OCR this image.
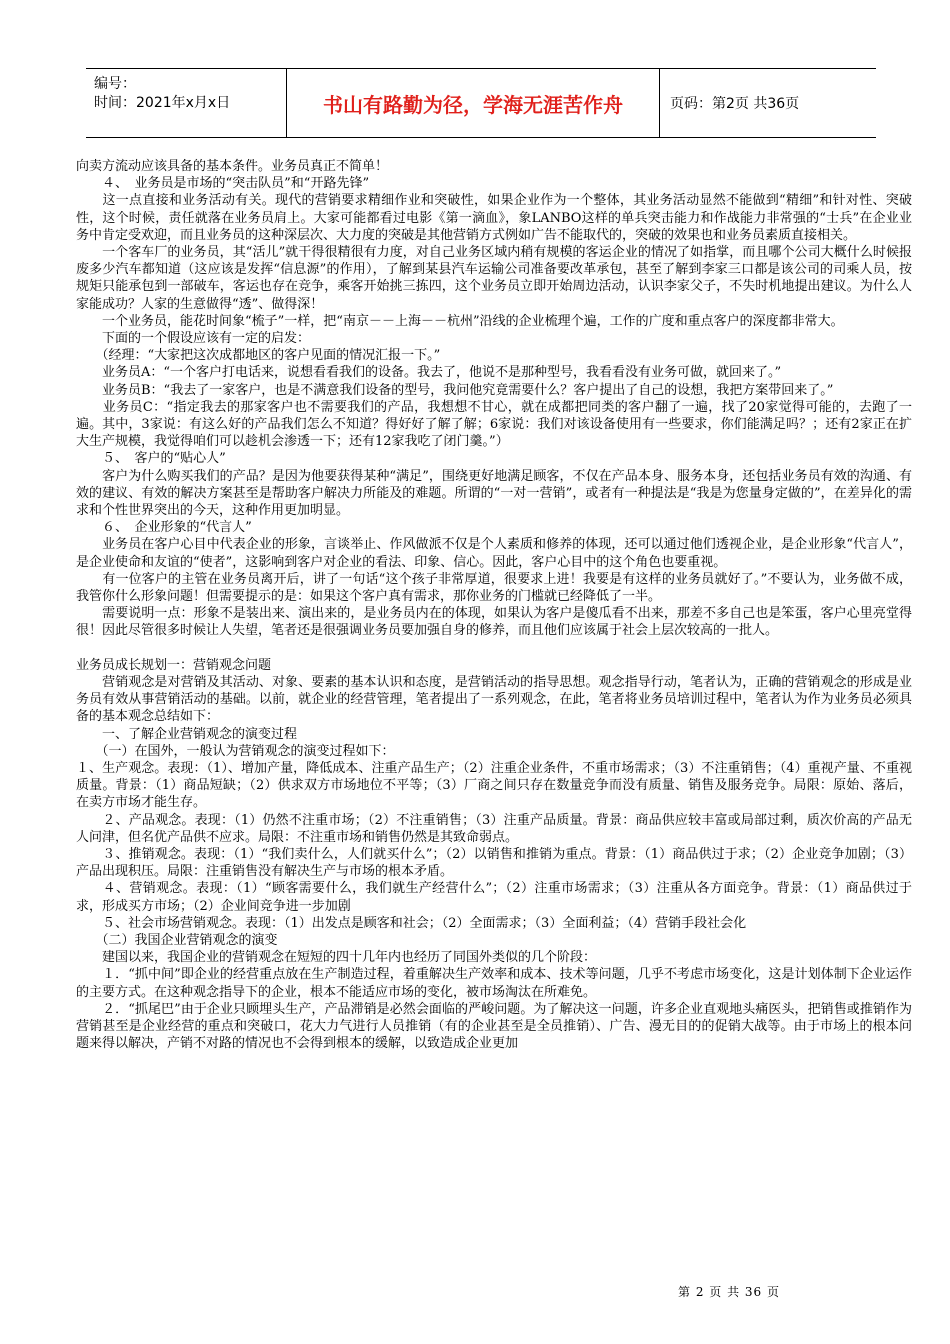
编号：
时间：2021年x月x日	书山有路勤为径，学海无涯苦作舟	页码：第2页 共36页

向卖方流动应该具备的基本条件。业务员真正不简单！

　　４、　业务员是市场的“突击队员”和“开路先锋”

　　这一点直接和业务活动有关。现代的营销要求精细作业和突破性，如果企业作为一个整体，其业务活动显然不能做到“精细”和针对性、突破性，这个时候，责任就落在业务员肩上。大家可能都看过电影《第一滴血》，象LANBO这样的单兵突击能力和作战能力非常强的“士兵”在企业业务中肯定受欢迎，而且业务员的这种深层次、大力度的突破是其他营销方式例如广告不能取代的，突破的效果也和业务员素质直接相关。

　　一个客车厂的业务员，其“活儿”就干得很精很有力度，对自己业务区域内稍有规模的客运企业的情况了如指掌，而且哪个公司大概什么时候报废多少汽车都知道（这应该是发挥“信息源”的作用），了解到某县汽车运输公司准备要改革承包，甚至了解到李家三口都是该公司的司乘人员，按规矩只能承包到一部破车，客运也存在竞争，乘客开始挑三拣四，这个业务员立即开始周边活动，认识李家父子，不失时机地提出建议。为什么人家能成功？人家的生意做得“透”、做得深！

　　一个业务员，能花时间象“梳子”一样，把“南京－－上海－－杭州”沿线的企业梳理个遍，工作的广度和重点客户的深度都非常大。

　　下面的一个假设应该有一定的启发：

　　（经理：“大家把这次成都地区的客户见面的情况汇报一下。”

　　业务员A：“一个客户打电话来，说想看看我们的设备。我去了，他说不是那种型号，我看看没有业务可做，就回来了。”

　　业务员B：“我去了一家客户，也是不满意我们设备的型号，我问他究竟需要什么？客户提出了自己的设想，我把方案带回来了。”

　　业务员C：“指定我去的那家客户也不需要我们的产品，我想想不甘心，就在成都把同类的客户翻了一遍，找了20家觉得可能的，去跑了一遍。其中，3家说：有这么好的产品我们怎么不知道？得好好了解了解；6家说：我们对该设备使用有一些要求，你们能满足吗？；还有2家正在扩大生产规模，我觉得咱们可以趁机会渗透一下；还有12家我吃了闭门羹。”）

　　５、　客户的“贴心人”

　　客户为什么购买我们的产品？是因为他要获得某种“满足”，围绕更好地满足顾客，不仅在产品本身、服务本身，还包括业务员有效的沟通、有效的建议、有效的解决方案甚至是帮助客户解决力所能及的难题。所谓的“一对一营销”，或者有一种提法是“我是为您量身定做的”，在差异化的需求和个性世界突出的今天，这种作用更加明显。

　　６、　企业形象的“代言人”

　　业务员在客户心目中代表企业的形象，言谈举止、作风做派不仅是个人素质和修养的体现，还可以通过他们透视企业，是企业形象“代言人”，是企业使命和友谊的“使者”，这影响到客户对企业的看法、印象、信心。因此，客户心目中的这个角色也要重视。

　　有一位客户的主管在业务员离开后，讲了一句话“这个孩子非常厚道，很要求上进！我要是有这样的业务员就好了。”不要认为，业务做不成，我管你什么形象问题！但需要提示的是：如果这个客户真有需求，那你业务的门槛就已经降低了一半。

　　需要说明一点：形象不是装出来、演出来的，是业务员内在的体现，如果认为客户是傻瓜看不出来，那差不多自己也是笨蛋，客户心里亮堂得很！因此尽管很多时候让人失望，笔者还是很强调业务员要加强自身的修养，而且他们应该属于社会上层次较高的一批人。

业务员成长规划一：营销观念问题

　　营销观念是对营销及其活动、对象、要素的基本认识和态度，是营销活动的指导思想。观念指导行动，笔者认为，正确的营销观念的形成是业务员有效从事营销活动的基础。以前，就企业的经营管理，笔者提出了一系列观念，在此，笔者将业务员培训过程中，笔者认为作为业务员必须具备的基本观念总结如下：

　　一、了解企业营销观念的演变过程

　　（一）在国外，一般认为营销观念的演变过程如下：

１、生产观念。表现：（1）、增加产量，降低成本、注重产品生产；（2）注重企业条件，不重市场需求；（3）不注重销售；（4）重视产量、不重视质量。背景：（1）商品短缺；（2）供求双方市场地位不平等；（3）厂商之间只存在数量竞争而没有质量、销售及服务竞争。局限：原始、落后，在卖方市场才能生存。

　　２、产品观念。表现：（1）仍然不注重市场；（2）不注重销售；（3）注重产品质量。背景：商品供应较丰富或局部过剩，质次价高的产品无人问津，但名优产品供不应求。局限：不注重市场和销售仍然是其致命弱点。

　　３、推销观念。表现：（1）“我们卖什么，人们就买什么”；（2）以销售和推销为重点。背景：（1）商品供过于求；（2）企业竞争加剧；（3）产品出现积压。局限：注重销售没有解决生产与市场的根本矛盾。

　　４、营销观念。表现：（1）“顾客需要什么，我们就生产经营什么”；（2）注重市场需求；（3）注重从各方面竞争。背景：（1）商品供过于求，形成买方市场；（2）企业间竞争进一步加剧

　　５、社会市场营销观念。表现：（1）出发点是顾客和社会；（2）全面需求；（3）全面利益；（4）营销手段社会化

　　（二）我国企业营销观念的演变

　　建国以来，我国企业的营销观念在短短的四十几年内也经历了同国外类似的几个阶段：

　　１．“抓中间”即企业的经营重点放在生产制造过程，着重解决生产效率和成本、技术等问题，几乎不考虑市场变化，这是计划体制下企业运作的主要方式。在这种观念指导下的企业，根本不能适应市场的变化，被市场淘汰在所难免。

　　２．“抓尾巴”由于企业只顾埋头生产，产品滞销是必然会面临的严峻问题。为了解决这一问题，许多企业直观地头痛医头，把销售或推销作为营销甚至是企业经营的重点和突破口，花大力气进行人员推销（有的企业甚至是全员推销）、广告、漫无目的的促销大战等。由于市场上的根本问题来得以解决，产销不对路的情况也不会得到根本的缓解，以致造成企业更加

第 2 页 共 36 页
